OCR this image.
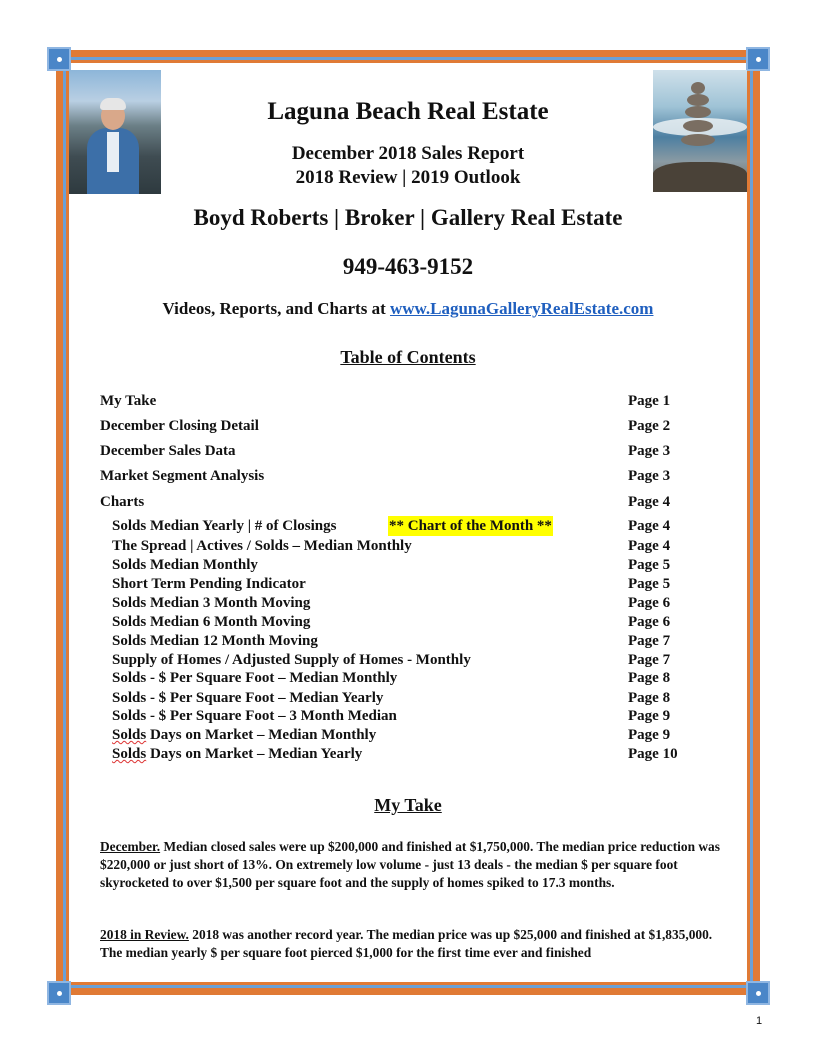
Laguna Beach Real Estate
December 2018 Sales Report
2018 Review | 2019 Outlook
Boyd Roberts | Broker | Gallery Real Estate
949-463-9152
Videos, Reports, and Charts at www.LagunaGalleryRealEstate.com
Table of Contents
My Take	Page 1
December Closing Detail	Page 2
December Sales Data	Page 3
Market Segment Analysis	Page 3
Charts	Page 4
Solds Median Yearly | # of Closings	** Chart of the Month **	Page 4
The Spread | Actives / Solds – Median Monthly	Page 4
Solds Median Monthly	Page 5
Short Term Pending Indicator	Page 5
Solds Median 3 Month Moving	Page 6
Solds Median 6 Month Moving	Page 6
Solds Median 12 Month Moving	Page 7
Supply of Homes / Adjusted Supply of Homes - Monthly	Page 7
Solds - $ Per Square Foot – Median Monthly	Page 8
Solds - $ Per Square Foot – Median Yearly	Page 8
Solds - $ Per Square Foot – 3 Month Median	Page 9
Solds Days on Market – Median Monthly	Page 9
Solds Days on Market – Median Yearly	Page 10
My Take
December. Median closed sales were up $200,000 and finished at $1,750,000. The median price reduction was $220,000 or just short of 13%. On extremely low volume - just 13 deals - the median $ per square foot skyrocketed to over $1,500 per square foot and the supply of homes spiked to 17.3 months.
2018 in Review. 2018 was another record year. The median price was up $25,000 and finished at $1,835,000. The median yearly $ per square foot pierced $1,000 for the first time ever and finished
1
